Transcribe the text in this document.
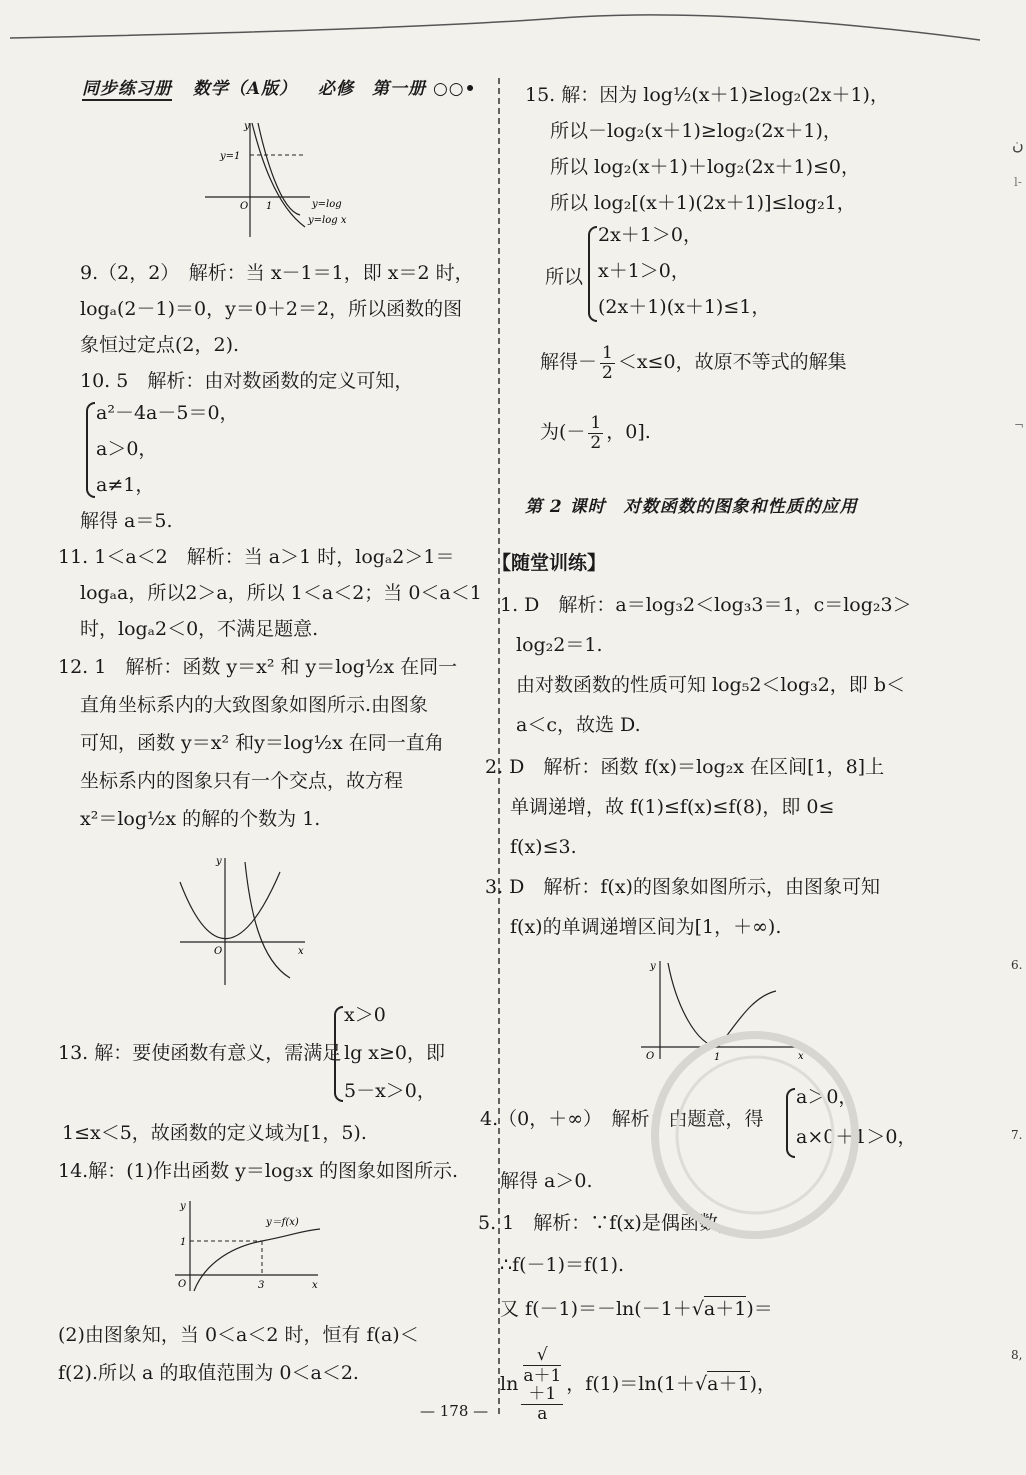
同步练习册 数学（A版） 必修　第一册 ○○•
y
y=1
O 1	y=log
y=log x
9.（2，2）　解析：当 x－1＝1，即 x＝2 时，
logₐ(2－1)＝0，y＝0＋2＝2，所以函数的图
象恒过定点(2，2).
10. 5　解析：由对数函数的定义可知，
a²－4a－5＝0，
a＞0，
a≠1，
解得 a＝5.
11. 1＜a＜2　解析：当 a＞1 时，logₐ2＞1＝
logₐa，所以2＞a，所以 1＜a＜2；当 0＜a＜1
时，logₐ2＜0，不满足题意.
12. 1　解析：函数 y＝x² 和 y＝log½x 在同一
直角坐标系内的大致图象如图所示.由图象
可知，函数 y＝x² 和y＝log½x 在同一直角
坐标系内的图象只有一个交点，故方程
x²＝log½x 的解的个数为 1.
y
O	x
13. 解：要使函数有意义，需满足
x＞0
lg x≥0，即
5－x＞0，
1≤x＜5，故函数的定义域为[1，5).
14.解：(1)作出函数 y＝log₃x 的图象如图所示.
y
1
O	3	x
y＝f(x)
(2)由图象知，当 0＜a＜2 时，恒有 f(a)＜
f(2).所以 a 的取值范围为 0＜a＜2.
15. 解：因为 log½(x＋1)≥log₂(2x＋1)，
所以－log₂(x＋1)≥log₂(2x＋1)，
所以 log₂(x＋1)＋log₂(2x＋1)≤0，
所以 log₂[(x＋1)(2x＋1)]≤log₂1，
所以
2x＋1＞0，
x＋1＞0，
(2x＋1)(x＋1)≤1，
解得－ $\frac{1}{2} <x\le 0$，故原不等式的解集
为(－ $\frac{1}{2}$ ，0].
第 2 课时　对数函数的图象和性质的应用
【随堂训练】
1. D　解析：a＝log₃2＜log₃3＝1，c＝log₂3＞
log₂2＝1.
由对数函数的性质可知 log₅2＜log₃2，即 b＜
a＜c，故选 D.
2. D　解析：函数 f(x)＝log₂x 在区间[1，8]上
单调递增，故 f(1)≤f(x)≤f(8)，即 0≤
f(x)≤3.
3. D　解析：f(x)的图象如图所示，由图象可知
f(x)的单调递增区间为[1，＋∞).
y
O	1	x
4.（0，＋∞）　解析：由题意，得
a＞0，
a×0＋1＞0，
解得 a＞0.
5. 1　解析：∵f(x)是偶函数，
∴f(－1)＝f(1).
又 f(－1)＝－ln(－1＋√a＋1)＝
ln √
a＋1
＋1
a ，f(1)＝ln(1＋√a＋1)，
— 178 —
ن
l-
¬
6.
7.
8,
